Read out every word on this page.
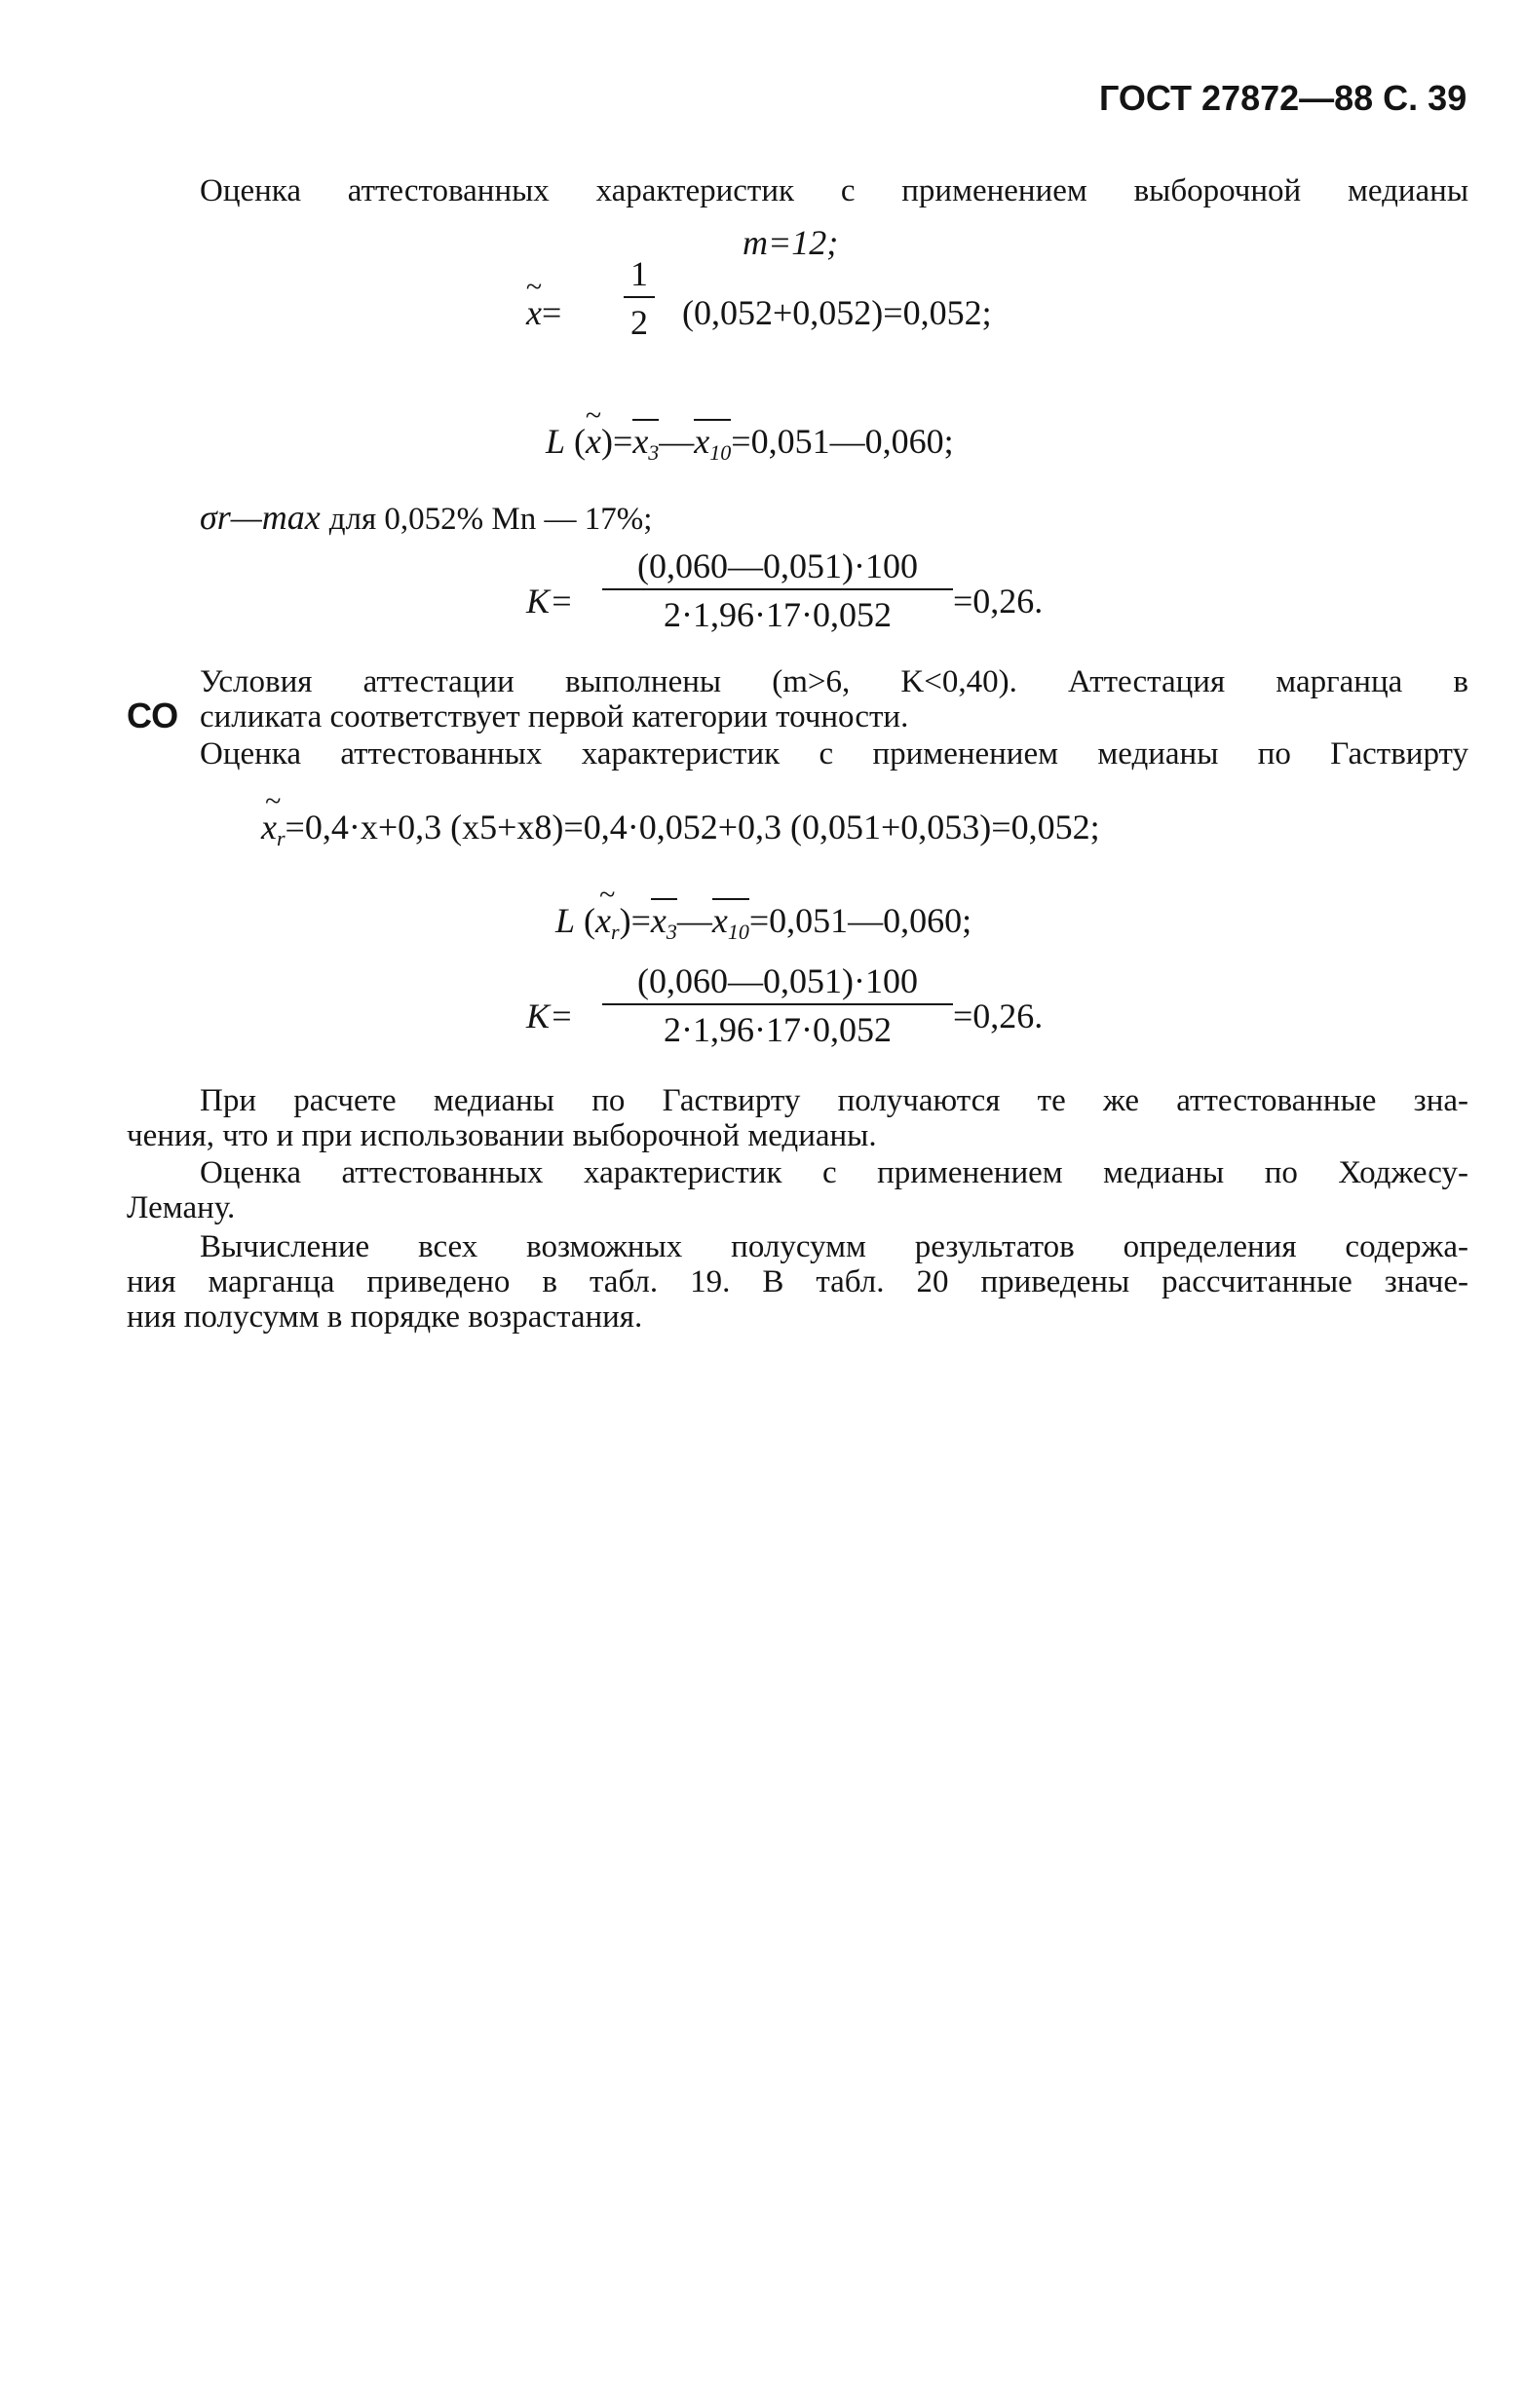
ГОСТ 27872—88 С. 39
Оценка аттестованных характеристик с применением выборочной медианы
m=12;
~ x=
1
2 (0,052+0,052)=0,052;
L (~ $x)=x_3—x_{10}=0,051—0,060$;
σr—max для 0,052% Mn — 17%;
K=
(0,060—0,051)·100
2·1,96·17·0,052	=0,26.
Условия аттестации выполнены (m>6, K<0,40). Аттестация марганца в
СО силиката соответствует первой категории точности.
Оценка аттестованных характеристик с применением медианы по Гаствирту
~ $x_r=0,4\cdot x+0,3$ (x5+x8)=0,4·0,052+0,3 (0,051+0,053)=0,052;
L (~ $x_r)=x_3—x_{10}=0,051—0,060$;
K=
(0,060—0,051)·100
2·1,96·17·0,052	=0,26.
При расчете медианы по Гаствирту получаются те же аттестованные зна-
чения, что и при использовании выборочной медианы.
Оценка аттестованных характеристик с применением медианы по Ходжесу-
Леману.
Вычисление всех возможных полусумм результатов определения содержа-
ния марганца приведено в табл. 19. В табл. 20 приведены рассчитанные значе-
ния полусумм в порядке возрастания.
